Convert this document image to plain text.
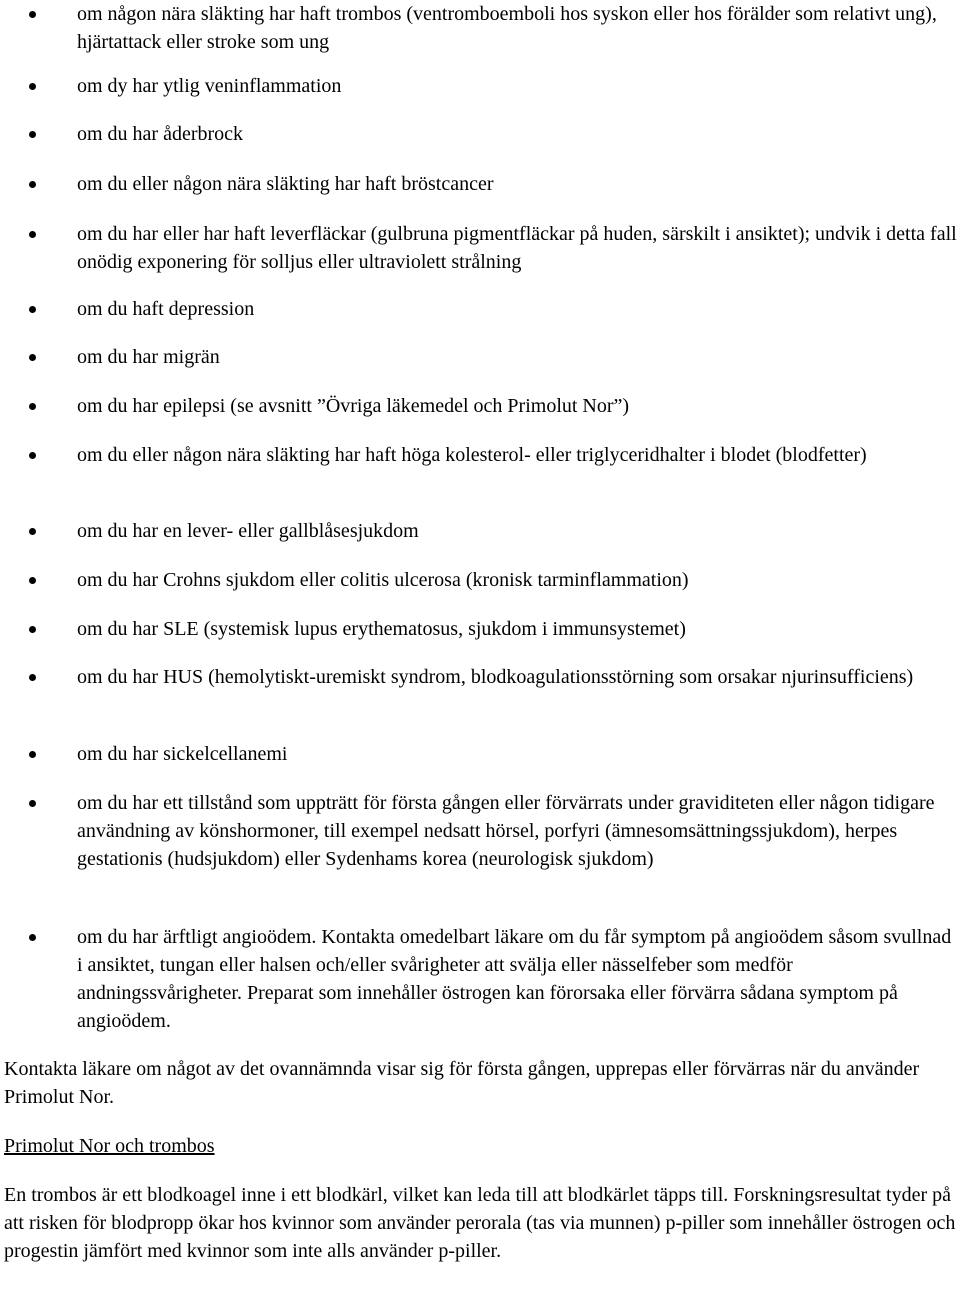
om någon nära släkting har haft trombos (ventromboemboli hos syskon eller hos förälder som relativt ung), hjärtattack eller stroke som ung
om dy har ytlig veninflammation
om du har åderbrock
om du eller någon nära släkting har haft bröstcancer
om du har eller har haft leverfläckar (gulbruna pigmentfläckar på huden, särskilt i ansiktet); undvik i detta fall onödig exponering för solljus eller ultraviolett strålning
om du haft depression
om du har migrän
om du har epilepsi (se avsnitt ”Övriga läkemedel och Primolut Nor”)
om du eller någon nära släkting har haft höga kolesterol- eller triglyceridhalter i blodet (blodfetter)
om du har en lever- eller gallblåsesjukdom
om du har Crohns sjukdom eller colitis ulcerosa (kronisk tarminflammation)
om du har SLE (systemisk lupus erythematosus, sjukdom i immunsystemet)
om du har HUS (hemolytiskt-uremiskt syndrom, blodkoagulationsstörning som orsakar njurinsufficiens)
om du har sickelcellanemi
om du har ett tillstånd som uppträtt för första gången eller förvärrats under graviditeten eller någon tidigare användning av könshormoner, till exempel nedsatt hörsel, porfyri (ämnesomsättningssjukdom), herpes gestationis (hudsjukdom) eller Sydenhams korea (neurologisk sjukdom)
om du har ärftligt angioödem. Kontakta omedelbart läkare om du får symptom på angioödem såsom svullnad i ansiktet, tungan eller halsen och/eller svårigheter att svälja eller nässelfeber som medför andningssvårigheter. Preparat som innehåller östrogen kan förorsaka eller förvärra sådana symptom på angioödem.

Kontakta läkare om något av det ovannämnda visar sig för första gången, upprepas eller förvärras när du använder Primolut Nor.

Primolut Nor och trombos

En trombos är ett blodkoagel inne i ett blodkärl, vilket kan leda till att blodkärlet täpps till. Forskningsresultat tyder på att risken för blodpropp ökar hos kvinnor som använder perorala (tas via munnen) p-piller som innehåller östrogen och progestin jämfört med kvinnor som inte alls använder p-piller.
